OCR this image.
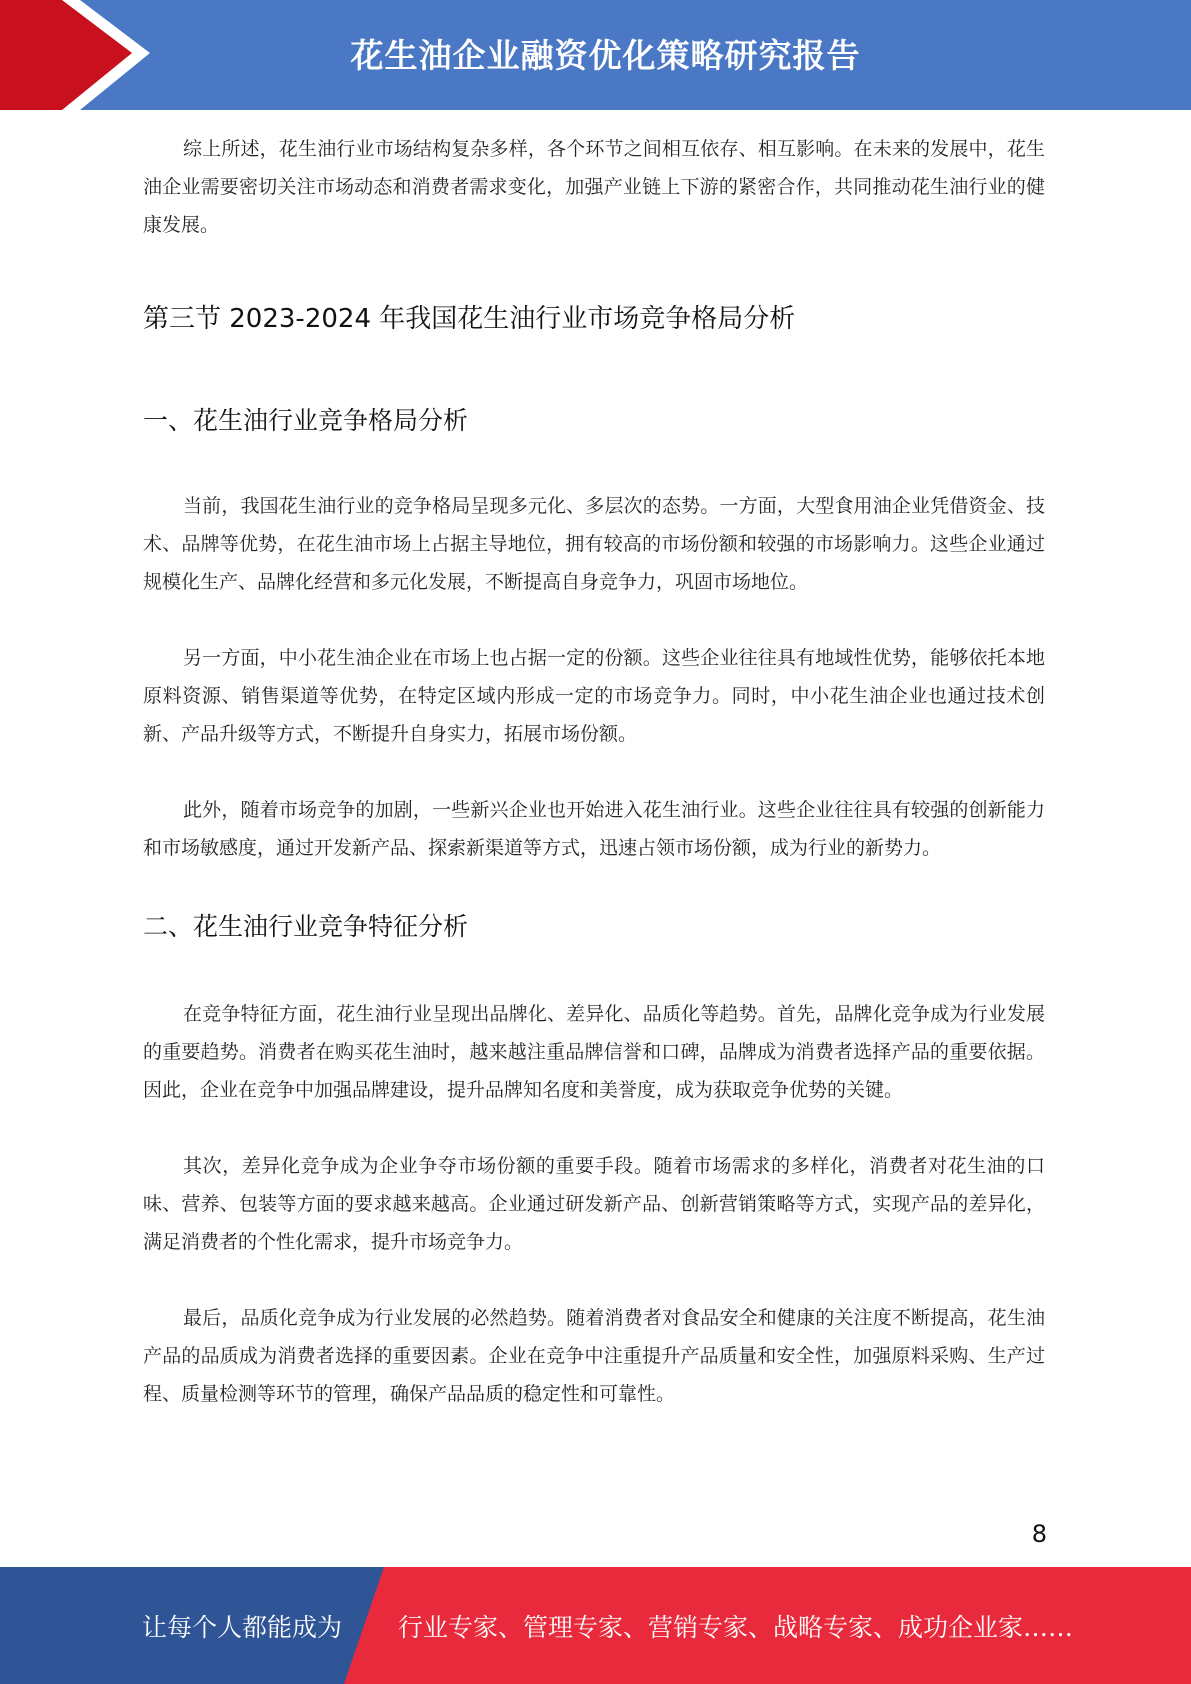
花生油企业融资优化策略研究报告

综上所述，花生油行业市场结构复杂多样，各个环节之间相互依存、相互影响。在未来的发展中，花生油企业需要密切关注市场动态和消费者需求变化，加强产业链上下游的紧密合作，共同推动花生油行业的健康发展。

第三节 2023-2024 年我国花生油行业市场竞争格局分析
一、花生油行业竞争格局分析

当前，我国花生油行业的竞争格局呈现多元化、多层次的态势。一方面，大型食用油企业凭借资金、技术、品牌等优势，在花生油市场上占据主导地位，拥有较高的市场份额和较强的市场影响力。这些企业通过规模化生产、品牌化经营和多元化发展，不断提高自身竞争力，巩固市场地位。

另一方面，中小花生油企业在市场上也占据一定的份额。这些企业往往具有地域性优势，能够依托本地原料资源、销售渠道等优势，在特定区域内形成一定的市场竞争力。同时，中小花生油企业也通过技术创新、产品升级等方式，不断提升自身实力，拓展市场份额。

此外，随着市场竞争的加剧，一些新兴企业也开始进入花生油行业。这些企业往往具有较强的创新能力和市场敏感度，通过开发新产品、探索新渠道等方式，迅速占领市场份额，成为行业的新势力。

二、花生油行业竞争特征分析

在竞争特征方面，花生油行业呈现出品牌化、差异化、品质化等趋势。首先，品牌化竞争成为行业发展的重要趋势。消费者在购买花生油时，越来越注重品牌信誉和口碑，品牌成为消费者选择产品的重要依据。因此，企业在竞争中加强品牌建设，提升品牌知名度和美誉度，成为获取竞争优势的关键。

其次，差异化竞争成为企业争夺市场份额的重要手段。随着市场需求的多样化，消费者对花生油的口味、营养、包装等方面的要求越来越高。企业通过研发新产品、创新营销策略等方式，实现产品的差异化，满足消费者的个性化需求，提升市场竞争力。

最后，品质化竞争成为行业发展的必然趋势。随着消费者对食品安全和健康的关注度不断提高，花生油产品的品质成为消费者选择的重要因素。企业在竞争中注重提升产品质量和安全性，加强原料采购、生产过程、质量检测等环节的管理，确保产品品质的稳定性和可靠性。

8
让每个人都能成为 行业专家、管理专家、营销专家、战略专家、成功企业家……
